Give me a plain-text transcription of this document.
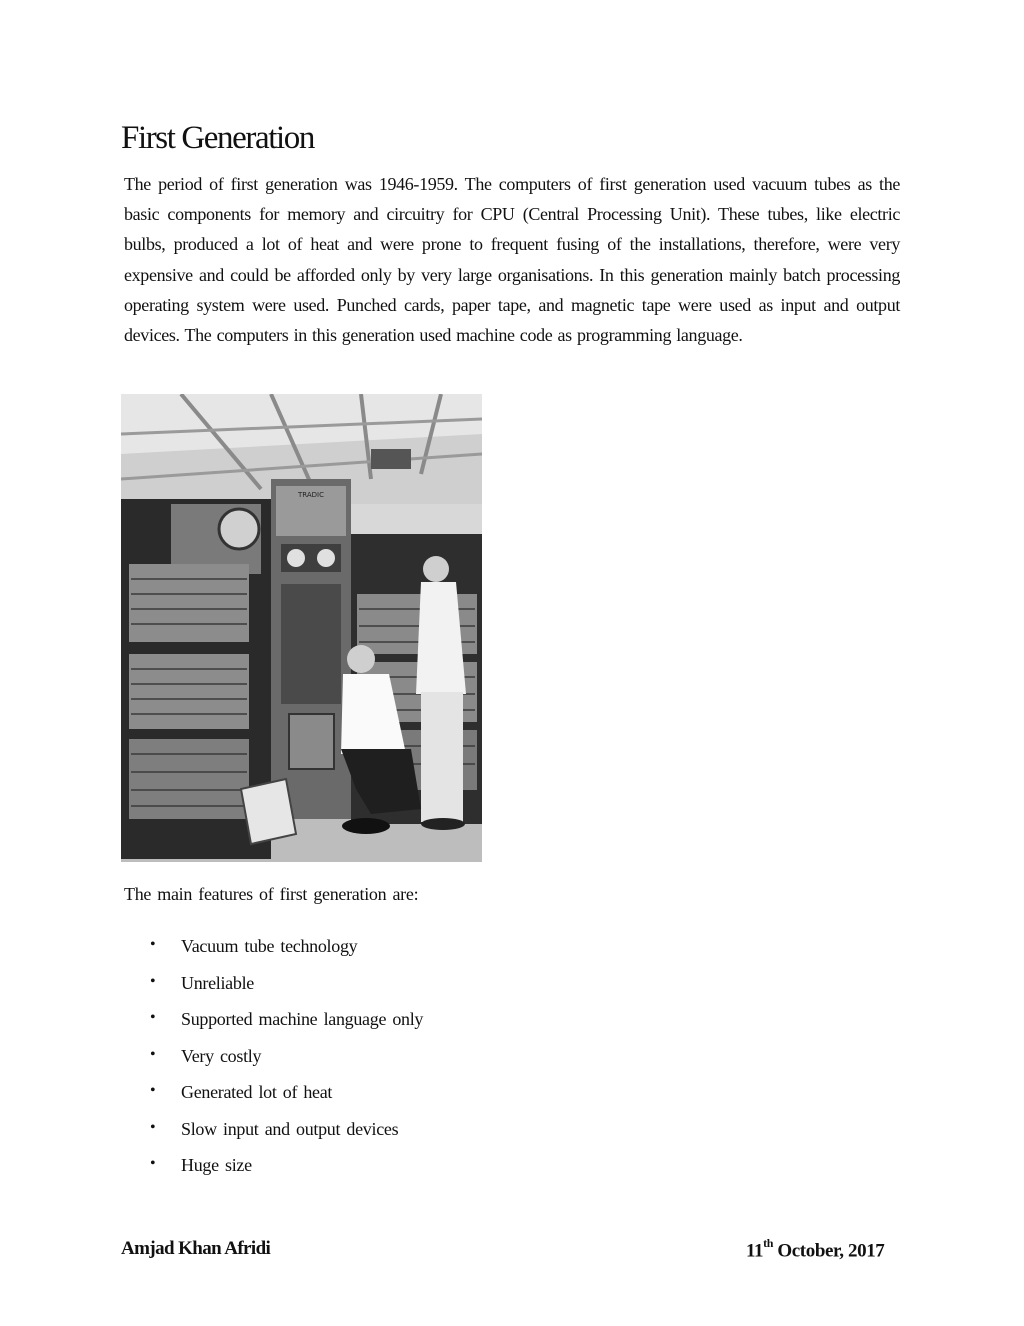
First Generation

The period of first generation was 1946-1959. The computers of first generation used vacuum tubes as the basic components for memory and circuitry for CPU (Central Processing Unit). These tubes, like electric bulbs, produced a lot of heat and were prone to frequent fusing of the installations, therefore, were very expensive and could be afforded only by very large organisations. In this generation mainly batch processing operating system were used. Punched cards, paper tape, and magnetic tape were used as input and output devices. The computers in this generation used machine code as programming language.

TRADIC
The main features of first generation are:
•	Vacuum tube technology
•	Unreliable
•	Supported machine language only
•	Very costly
•	Generated lot of heat
•	Slow input and output devices
•	Huge size
Amjad Khan Afridi	11th October, 2017
